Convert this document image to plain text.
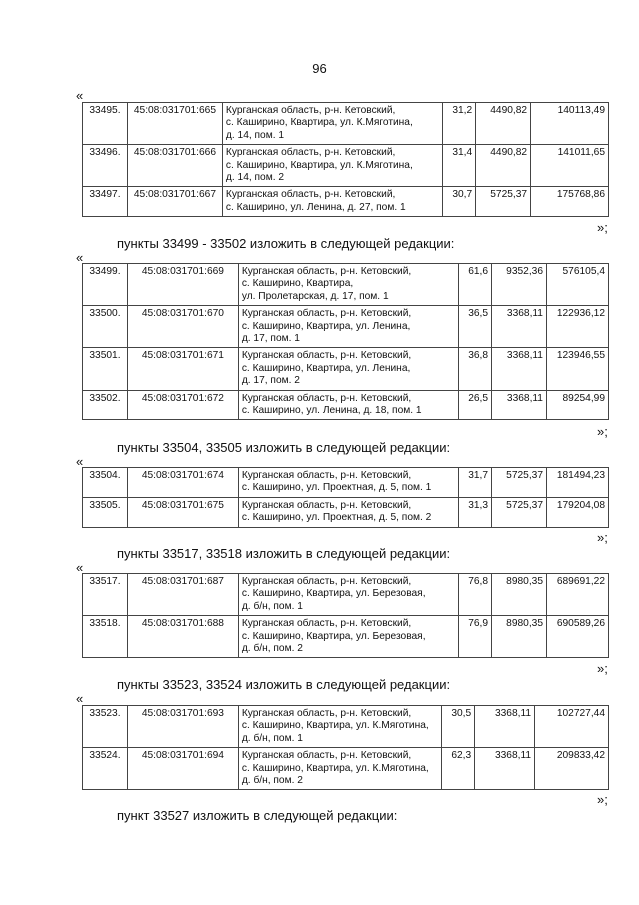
96
«
33495.	45:08:031701:665	Курганская область, р-н. Кетовский,
с. Каширино, Квартира, ул. К.Мяготина,
д. 14, пом. 1	31,2	4490,82	140113,49
33496.	45:08:031701:666	Курганская область, р-н. Кетовский,
с. Каширино, Квартира, ул. К.Мяготина,
д. 14, пом. 2	31,4	4490,82	141011,65
33497.	45:08:031701:667	Курганская область, р-н. Кетовский,
с. Каширино, ул. Ленина, д. 27, пом. 1	30,7	5725,37	175768,86
»;
пункты 33499 - 33502 изложить в следующей редакции:
«
33499.	45:08:031701:669	Курганская область, р-н. Кетовский,
с. Каширино, Квартира,
ул. Пролетарская, д. 17, пом. 1	61,6	9352,36	576105,4
33500.	45:08:031701:670	Курганская область, р-н. Кетовский,
с. Каширино, Квартира, ул. Ленина,
д. 17, пом. 1	36,5	3368,11	122936,12
33501.	45:08:031701:671	Курганская область, р-н. Кетовский,
с. Каширино, Квартира, ул. Ленина,
д. 17, пом. 2	36,8	3368,11	123946,55
33502.	45:08:031701:672	Курганская область, р-н. Кетовский,
с. Каширино, ул. Ленина, д. 18, пом. 1	26,5	3368,11	89254,99
»;
пункты 33504, 33505 изложить в следующей редакции:
«
33504.	45:08:031701:674	Курганская область, р-н. Кетовский,
с. Каширино, ул. Проектная, д. 5, пом. 1	31,7	5725,37	181494,23
33505.	45:08:031701:675	Курганская область, р-н. Кетовский,
с. Каширино, ул. Проектная, д. 5, пом. 2	31,3	5725,37	179204,08
»;
пункты 33517, 33518 изложить в следующей редакции:
«
33517.	45:08:031701:687	Курганская область, р-н. Кетовский,
с. Каширино, Квартира, ул. Березовая,
д. б/н, пом. 1	76,8	8980,35	689691,22
33518.	45:08:031701:688	Курганская область, р-н. Кетовский,
с. Каширино, Квартира, ул. Березовая,
д. б/н, пом. 2	76,9	8980,35	690589,26
»;
пункты 33523, 33524 изложить в следующей редакции:
«
33523.	45:08:031701:693	Курганская область, р-н. Кетовский,
с. Каширино, Квартира, ул. К.Мяготина,
д. б/н, пом. 1	30,5	3368,11	102727,44
33524.	45:08:031701:694	Курганская область, р-н. Кетовский,
с. Каширино, Квартира, ул. К.Мяготина,
д. б/н, пом. 2	62,3	3368,11	209833,42
»;
пункт 33527 изложить в следующей редакции:
